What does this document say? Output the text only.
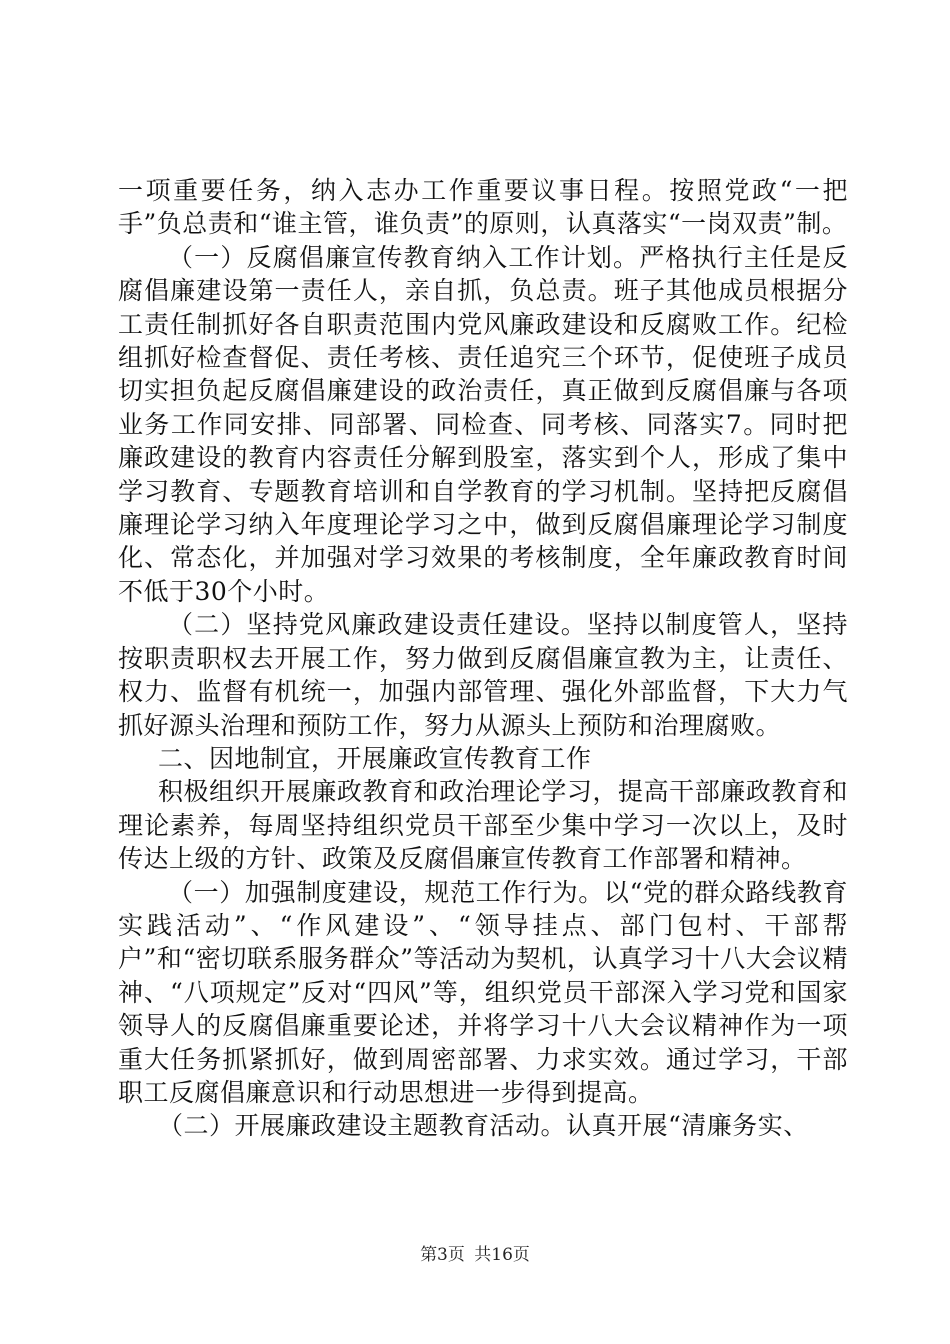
一项重要任务，纳入志办工作重要议事日程。按照党政“一把手”负总责和“谁主管，谁负责”的原则，认真落实“一岗双责”制。

（一）反腐倡廉宣传教育纳入工作计划。严格执行主任是反腐倡廉建设第一责任人，亲自抓，负总责。班子其他成员根据分工责任制抓好各自职责范围内党风廉政建设和反腐败工作。纪检组抓好检查督促、责任考核、责任追究三个环节，促使班子成员切实担负起反腐倡廉建设的政治责任，真正做到反腐倡廉与各项业务工作同安排、同部署、同检查、同考核、同落实7。同时把廉政建设的教育内容责任分解到股室，落实到个人，形成了集中学习教育、专题教育培训和自学教育的学习机制。坚持把反腐倡廉理论学习纳入年度理论学习之中，做到反腐倡廉理论学习制度化、常态化，并加强对学习效果的考核制度，全年廉政教育时间不低于30个小时。

（二）坚持党风廉政建设责任建设。坚持以制度管人，坚持按职责职权去开展工作，努力做到反腐倡廉宣教为主，让责任、权力、监督有机统一，加强内部管理、强化外部监督，下大力气抓好源头治理和预防工作，努力从源头上预防和治理腐败。

二、因地制宜，开展廉政宣传教育工作

积极组织开展廉政教育和政治理论学习，提高干部廉政教育和理论素养，每周坚持组织党员干部至少集中学习一次以上，及时传达上级的方针、政策及反腐倡廉宣传教育工作部署和精神。

（一）加强制度建设，规范工作行为。以“党的群众路线教育实践活动”、“作风建设”、“领导挂点、部门包村、干部帮户”和“密切联系服务群众”等活动为契机，认真学习十八大会议精神、“八项规定”反对“四风”等，组织党员干部深入学习党和国家领导人的反腐倡廉重要论述，并将学习十八大会议精神作为一项重大任务抓紧抓好，做到周密部署、力求实效。通过学习，干部职工反腐倡廉意识和行动思想进一步得到提高。

（二）开展廉政建设主题教育活动。认真开展“清廉务实、

第3页 共16页
